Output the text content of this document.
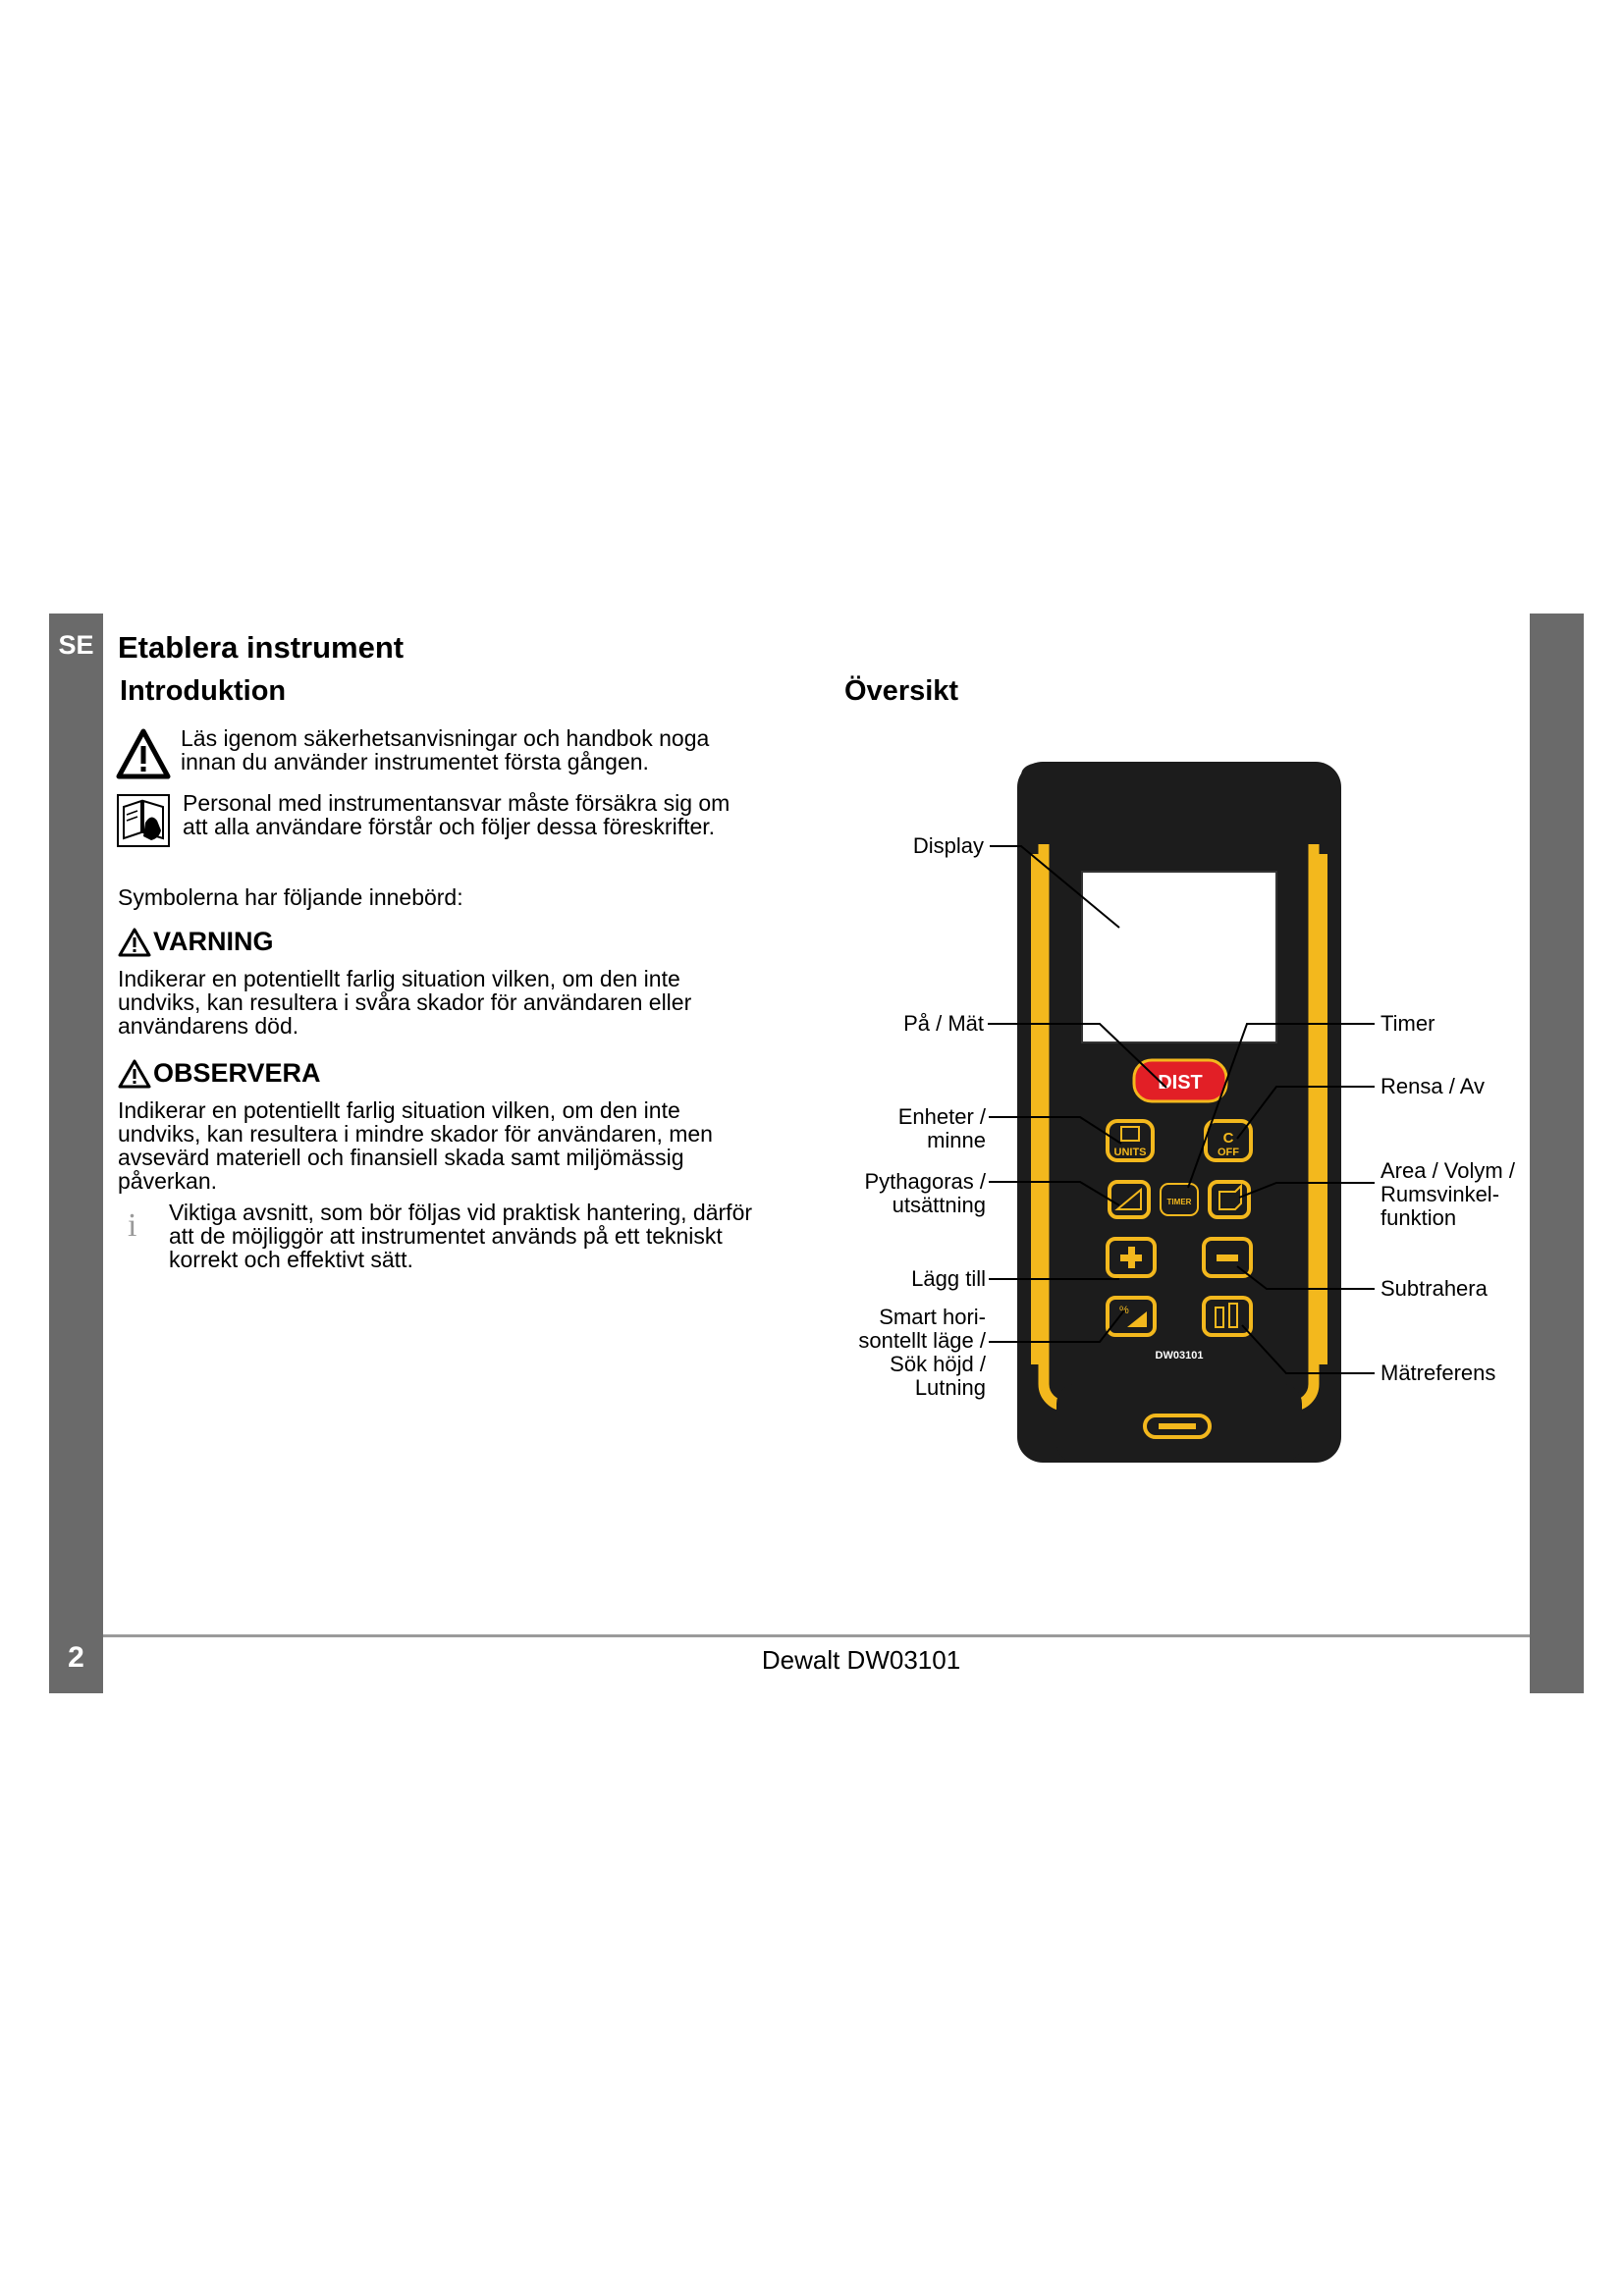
SE
2	Dewalt DW03101
Etablera instrument
Introduktion	Översikt
Läs igenom säkerhetsanvisningar och handbok noga
innan du använder instrumentet första gången.
Personal med instrumentansvar måste försäkra sig om
att alla användare förstår och följer dessa föreskrifter.
Symbolerna har följande innebörd:
VARNING
Indikerar en potentiellt farlig situation vilken, om den inte
undviks, kan resultera i svåra skador för användaren eller
användarens död.
OBSERVERA
Indikerar en potentiellt farlig situation vilken, om den inte
undviks, kan resultera i mindre skador för användaren, men
avsevärd materiell och finansiell skada samt miljömässig
påverkan.
i Viktiga avsnitt, som bör följas vid praktisk hantering, därför
att de möjliggör att instrumentet används på ett tekniskt
korrekt och effektivt sätt.
DIST
UNITS
C
OFF
TIMER
%
DW03101
Display
På / Mät
Enheter /
minne
Pythagoras /
utsättning
Lägg till
Smart hori-
sontellt läge /
Sök höjd /
Lutning
Timer
Rensa / Av
Area / Volym /
Rumsvinkel-
funktion
Subtrahera
Mätreferens
